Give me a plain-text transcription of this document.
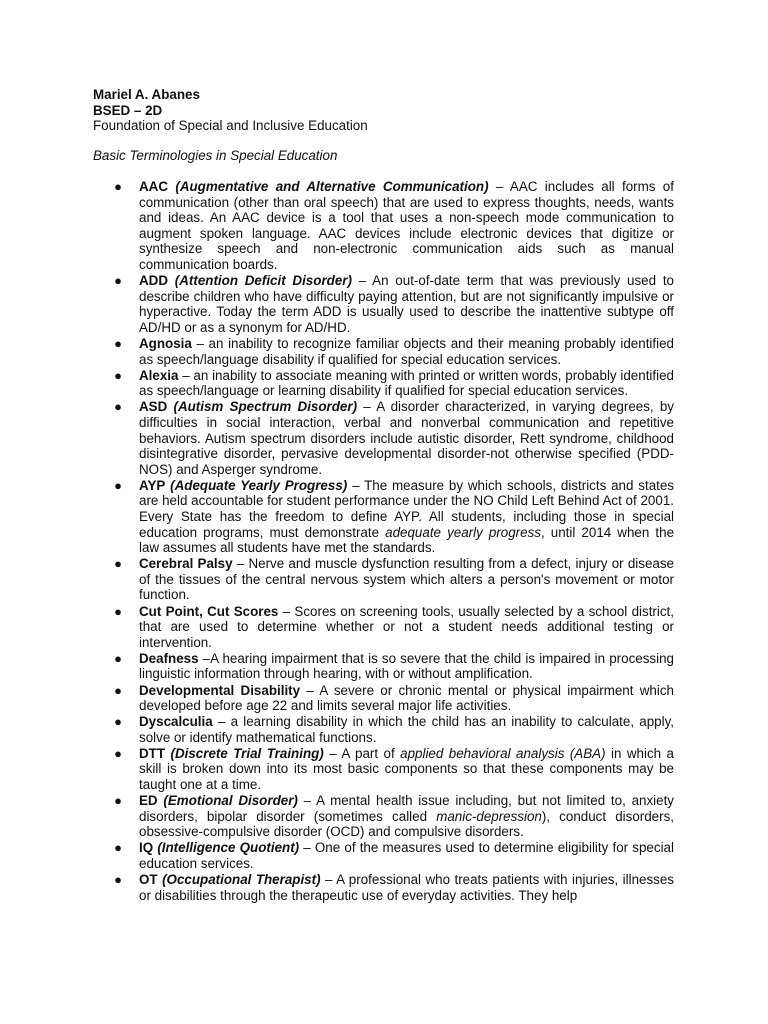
Mariel A. Abanes
BSED – 2D
Foundation of Special and Inclusive Education
Basic Terminologies in Special Education
● AAC (Augmentative and Alternative Communication) – AAC includes all forms of communication (other than oral speech) that are used to express thoughts, needs, wants and ideas. An AAC device is a tool that uses a non-speech mode communication to augment spoken language. AAC devices include electronic devices that digitize or synthesize speech and non-electronic communication aids such as manual communication boards.
● ADD (Attention Deficit Disorder) – An out-of-date term that was previously used to describe children who have difficulty paying attention, but are not significantly impulsive or hyperactive. Today the term ADD is usually used to describe the inattentive subtype off AD/HD or as a synonym for AD/HD.
● Agnosia – an inability to recognize familiar objects and their meaning probably identified as speech/language disability if qualified for special education services.
● Alexia – an inability to associate meaning with printed or written words, probably identified as speech/language or learning disability if qualified for special education services.
● ASD (Autism Spectrum Disorder) – A disorder characterized, in varying degrees, by difficulties in social interaction, verbal and nonverbal communication and repetitive behaviors. Autism spectrum disorders include autistic disorder, Rett syndrome, childhood disintegrative disorder, pervasive developmental disorder-not otherwise specified (PDD-NOS) and Asperger syndrome.
● AYP (Adequate Yearly Progress) – The measure by which schools, districts and states are held accountable for student performance under the NO Child Left Behind Act of 2001. Every State has the freedom to define AYP. All students, including those in special education programs, must demonstrate adequate yearly progress, until 2014 when the law assumes all students have met the standards.
● Cerebral Palsy – Nerve and muscle dysfunction resulting from a defect, injury or disease of the tissues of the central nervous system which alters a person's movement or motor function.
● Cut Point, Cut Scores – Scores on screening tools, usually selected by a school district, that are used to determine whether or not a student needs additional testing or intervention.
● Deafness –A hearing impairment that is so severe that the child is impaired in processing linguistic information through hearing, with or without amplification.
● Developmental Disability – A severe or chronic mental or physical impairment which developed before age 22 and limits several major life activities.
● Dyscalculia – a learning disability in which the child has an inability to calculate, apply, solve or identify mathematical functions.
● DTT (Discrete Trial Training) – A part of applied behavioral analysis (ABA) in which a skill is broken down into its most basic components so that these components may be taught one at a time.
● ED (Emotional Disorder) – A mental health issue including, but not limited to, anxiety disorders, bipolar disorder (sometimes called manic-depression), conduct disorders, obsessive-compulsive disorder (OCD) and compulsive disorders.
● IQ (Intelligence Quotient) – One of the measures used to determine eligibility for special education services.
● OT (Occupational Therapist) – A professional who treats patients with injuries, illnesses or disabilities through the therapeutic use of everyday activities. They help
